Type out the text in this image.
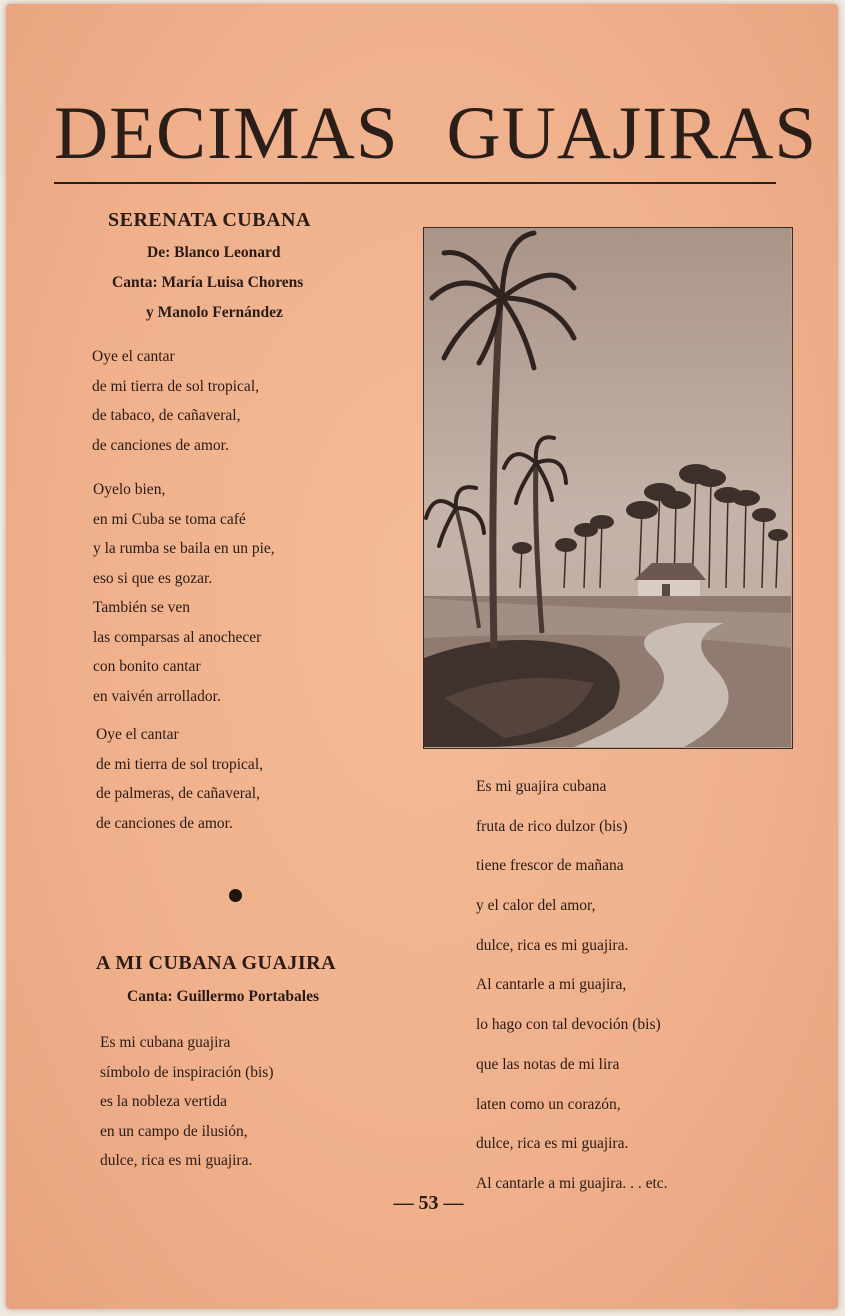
DECIMAS GUAJIRAS
SERENATA CUBANA
De: Blanco Leonard
Canta: María Luisa Chorens
y Manolo Fernández
Oye el cantar
de mi tierra de sol tropical,
de tabaco, de cañaveral,
de canciones de amor.
Oyelo bien,
en mi Cuba se toma café
y la rumba se baila en un pie,
eso si que es gozar.
También se ven
las comparsas al anochecer
con bonito cantar
en vaivén arrollador.
Oye el cantar
de mi tierra de sol tropical,
de palmeras, de cañaveral,
de canciones de amor.
A MI CUBANA GUAJIRA
Canta: Guillermo Portabales
Es mi cubana guajira
símbolo de inspiración (bis)
es la nobleza vertida
en un campo de ilusión,
dulce, rica es mi guajira.
Es mi guajira cubana
fruta de rico dulzor (bis)
tiene frescor de mañana
y el calor del amor,
dulce, rica es mi guajira.
Al cantarle a mi guajira,
lo hago con tal devoción (bis)
que las notas de mi lira
laten como un corazón,
dulce, rica es mi guajira.
Al cantarle a mi guajira. . . etc.
— 53 —
